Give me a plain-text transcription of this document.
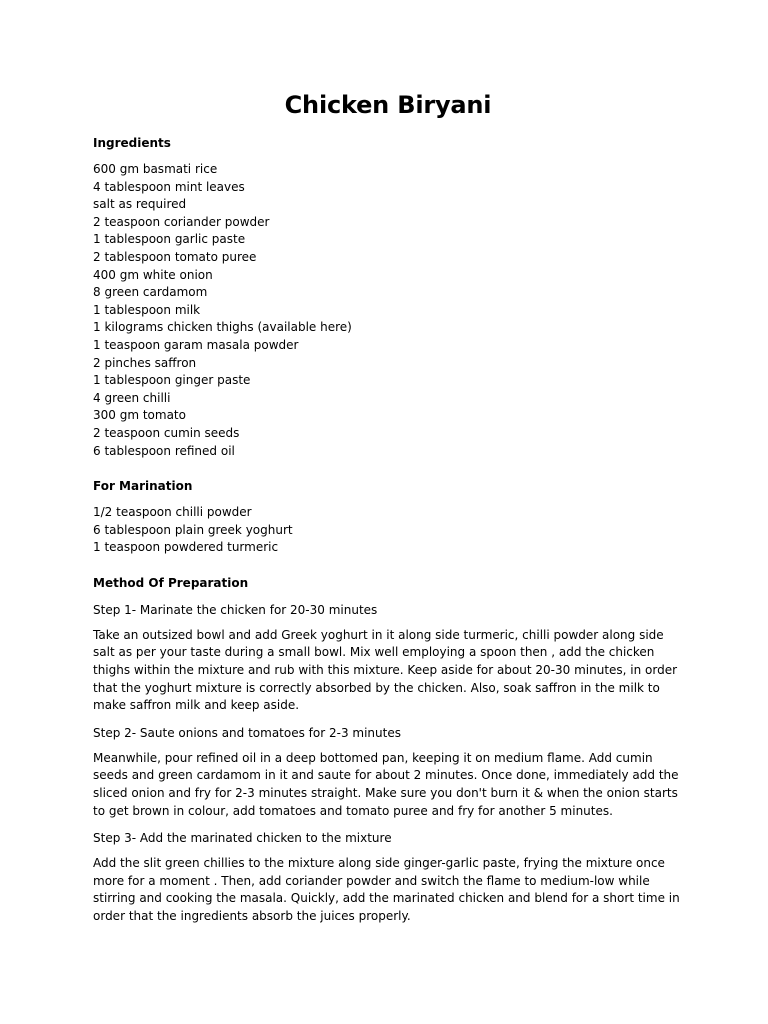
Chicken Biryani
Ingredients
600 gm basmati rice
4 tablespoon mint leaves
salt as required
2 teaspoon coriander powder
1 tablespoon garlic paste
2 tablespoon tomato puree
400 gm white onion
8 green cardamom
1 tablespoon milk
1 kilograms chicken thighs (available here)
1 teaspoon garam masala powder
2 pinches saffron
1 tablespoon ginger paste
4 green chilli
300 gm tomato
2 teaspoon cumin seeds
6 tablespoon refined oil
For Marination
1/2 teaspoon chilli powder
6 tablespoon plain greek yoghurt
1 teaspoon powdered turmeric
Method Of Preparation
Step 1- Marinate the chicken for 20-30 minutes

Take an outsized bowl and add Greek yoghurt in it along side turmeric, chilli powder along side salt as per your taste during a small bowl. Mix well employing a spoon then , add the chicken thighs within the mixture and rub with this mixture. Keep aside for about 20-30 minutes, in order that the yoghurt mixture is correctly absorbed by the chicken. Also, soak saffron in the milk to make saffron milk and keep aside.

Step 2- Saute onions and tomatoes for 2-3 minutes

Meanwhile, pour refined oil in a deep bottomed pan, keeping it on medium flame. Add cumin seeds and green cardamom in it and saute for about 2 minutes. Once done, immediately add the sliced onion and fry for 2-3 minutes straight. Make sure you don't burn it & when the onion starts to get brown in colour, add tomatoes and tomato puree and fry for another 5 minutes.

Step 3- Add the marinated chicken to the mixture

Add the slit green chillies to the mixture along side ginger-garlic paste, frying the mixture once more for a moment . Then, add coriander powder and switch the flame to medium-low while stirring and cooking the masala. Quickly, add the marinated chicken and blend for a short time in order that the ingredients absorb the juices properly.
